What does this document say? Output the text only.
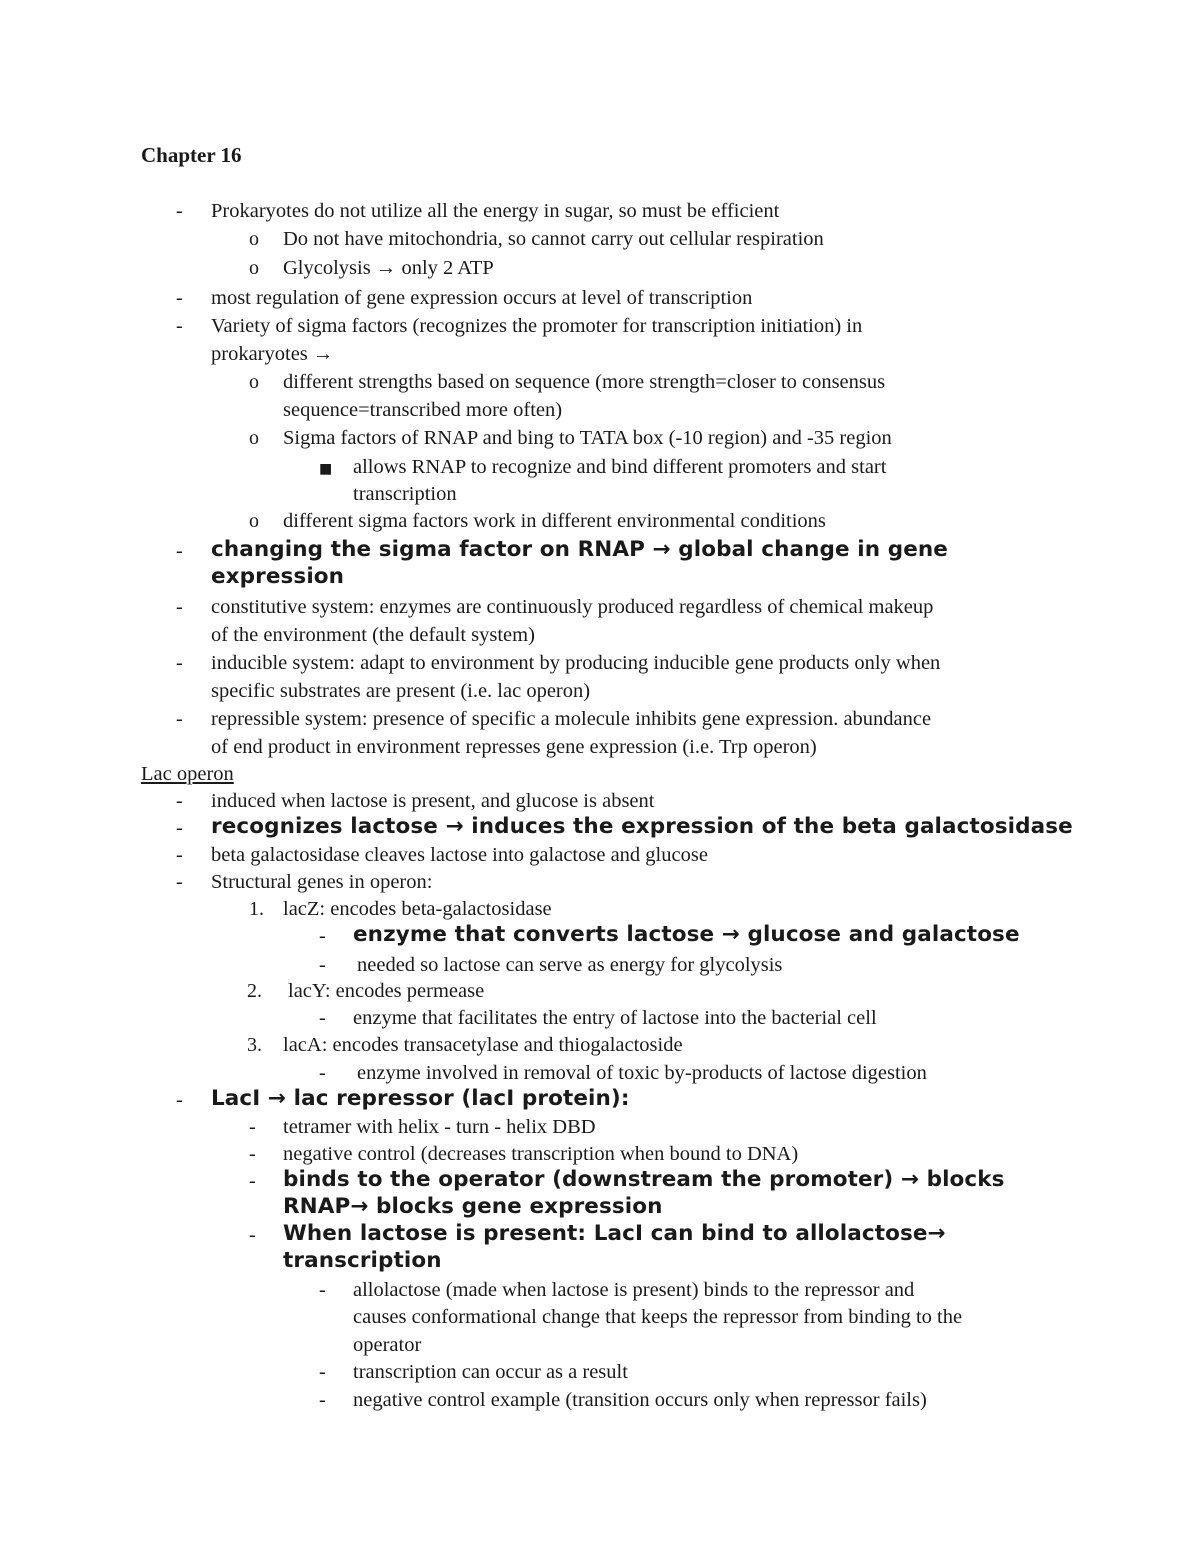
Chapter 16
- Prokaryotes do not utilize all the energy in sugar, so must be efficient
o Do not have mitochondria, so cannot carry out cellular respiration
o Glycolysis → only 2 ATP
- most regulation of gene expression occurs at level of transcription
- Variety of sigma factors (recognizes the promoter for transcription initiation) in
prokaryotes →
o different strengths based on sequence (more strength=closer to consensus
sequence=transcribed more often)
o Sigma factors of RNAP and bing to TATA box (-10 region) and -35 region
■ allows RNAP to recognize and bind different promoters and start
transcription
o different sigma factors work in different environmental conditions
- changing the sigma factor on RNAP → global change in gene
expression
- constitutive system: enzymes are continuously produced regardless of chemical makeup
of the environment (the default system)
- inducible system: adapt to environment by producing inducible gene products only when
specific substrates are present (i.e. lac operon)
- repressible system: presence of specific a molecule inhibits gene expression. abundance
of end product in environment represses gene expression (i.e. Trp operon)
Lac operon
- induced when lactose is present, and glucose is absent
- recognizes lactose → induces the expression of the beta galactosidase
- beta galactosidase cleaves lactose into galactose and glucose
- Structural genes in operon:
1. lacZ: encodes beta-galactosidase
- enzyme that converts lactose → glucose and galactose
- needed so lactose can serve as energy for glycolysis
2. lacY: encodes permease
- enzyme that facilitates the entry of lactose into the bacterial cell
3. lacA: encodes transacetylase and thiogalactoside
- enzyme involved in removal of toxic by-products of lactose digestion
- LacI → lac repressor (lacI protein):
- tetramer with helix - turn - helix DBD
- negative control (decreases transcription when bound to DNA)
- binds to the operator (downstream the promoter) → blocks
RNAP→ blocks gene expression
- When lactose is present: LacI can bind to allolactose→
transcription
- allolactose (made when lactose is present) binds to the repressor and
causes conformational change that keeps the repressor from binding to the
operator
- transcription can occur as a result
- negative control example (transition occurs only when repressor fails)
